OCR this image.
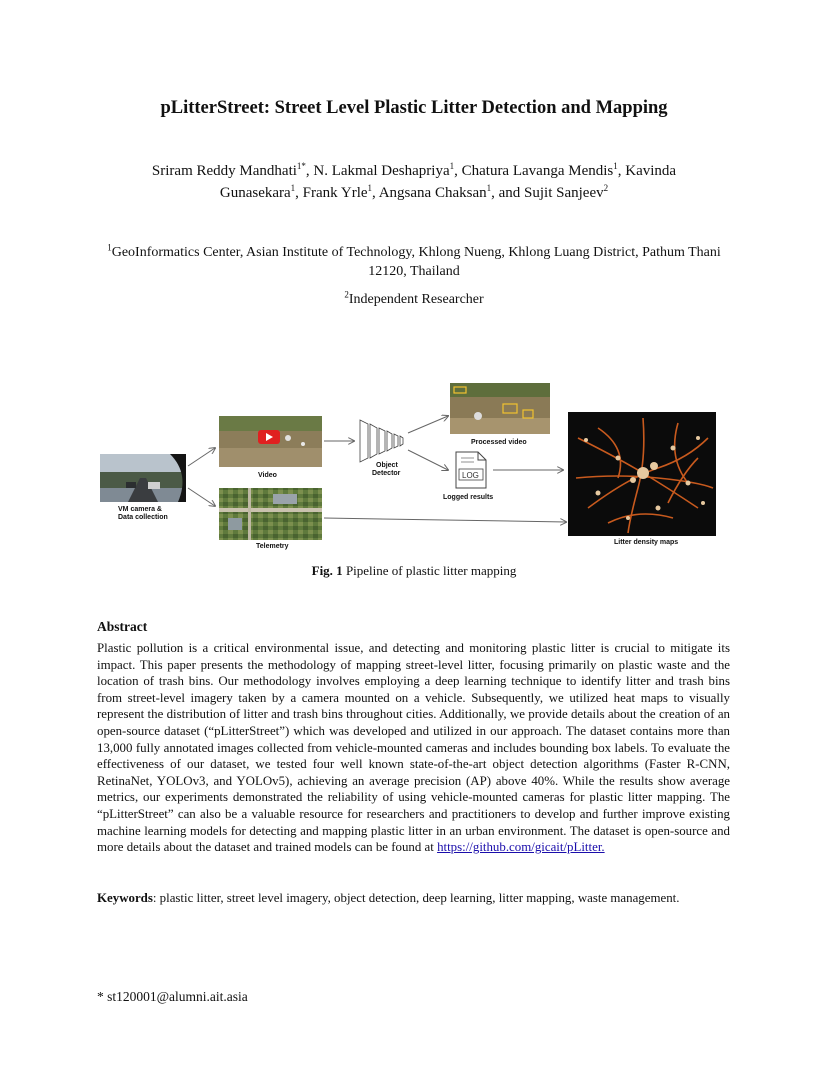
pLitterStreet: Street Level Plastic Litter Detection and Mapping
Sriram Reddy Mandhati$^{1*}$, N. Lakmal Deshapriya$^1$, Chatura Lavanga Mendis$^1$, Kavinda
Gunasekara$^1$, Frank Yrle$^1$, Angsana Chaksan$^1$, and Sujit Sanjeev$^2$
$^1$GeoInformatics Center, Asian Institute of Technology, Khlong Nueng, Khlong Luang District, Pathum Thani 12120, Thailand
$^2$Independent Researcher
VM camera &
Data collection
Video
Telemetry
Object
Detector
Processed video
LOG
Logged results
Litter density maps
Fig. 1 Pipeline of plastic litter mapping
Abstract
Plastic pollution is a critical environmental issue, and detecting and monitoring plastic litter is crucial to mitigate its impact. This paper presents the methodology of mapping street-level litter, focusing primarily on plastic waste and the location of trash bins. Our methodology involves employing a deep learning technique to identify litter and trash bins from street-level imagery taken by a camera mounted on a vehicle. Subsequently, we utilized heat maps to visually represent the distribution of litter and trash bins throughout cities. Additionally, we provide details about the creation of an open-source dataset (“pLitterStreet”) which was developed and utilized in our approach. The dataset contains more than 13,000 fully annotated images collected from vehicle-mounted cameras and includes bounding box labels. To evaluate the effectiveness of our dataset, we tested four well known state-of-the-art object detection algorithms (Faster R-CNN, RetinaNet, YOLOv3, and YOLOv5), achieving an average precision (AP) above 40%. While the results show average metrics, our experiments demonstrated the reliability of using vehicle-mounted cameras for plastic litter mapping. The “pLitterStreet” can also be a valuable resource for researchers and practitioners to develop and further improve existing machine learning models for detecting and mapping plastic litter in an urban environment. The dataset is open-source and more details about the dataset and trained models can be found at https://github.com/gicait/pLitter.
Keywords: plastic litter, street level imagery, object detection, deep learning, litter mapping, waste management.
* st120001@alumni.ait.asia
